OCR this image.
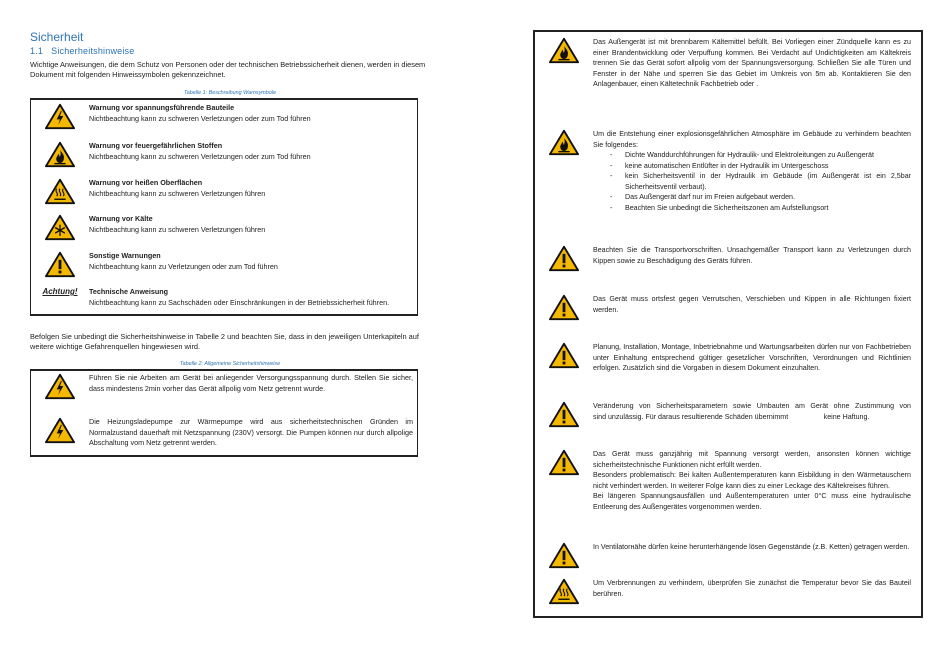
Sicherheit
1.1 Sicherheitshinweise

Wichtige Anweisungen, die dem Schutz von Personen oder der technischen Betriebssicherheit dienen, werden in diesem Dokument mit folgenden Hinweissymbolen gekennzeichnet.

Tabelle 1: Beschreibung Warnsymbole

Warnung vor spannungsführende Bauteile
Nichtbeachtung kann zu schweren Verletzungen oder zum Tod führen
Warnung vor feuergefährlichen Stoffen
Nichtbeachtung kann zu schweren Verletzungen oder zum Tod führen
Warnung vor heißen Oberflächen
Nichtbeachtung kann zu schweren Verletzungen führen
Warnung vor Kälte
Nichtbeachtung kann zu schweren Verletzungen führen
Sonstige Warnungen
Nichtbeachtung kann zu Verletzungen oder zum Tod führen
Achtung! Technische Anweisung
Nichtbeachtung kann zu Sachschäden oder Einschränkungen in der Betriebssicherheit führen.

Befolgen Sie unbedingt die Sicherheitshinweise in Tabelle 2 und beachten Sie, dass in den jeweiligen Unterkapiteln auf weitere wichtige Gefahrenquellen hingewiesen wird.

Tabelle 2: Allgemeine Sicherheitshinweise

Führen Sie nie Arbeiten am Gerät bei anliegender Versorgungsspannung durch. Stellen Sie sicher, dass mindestens 2min vorher das Gerät allpolig vom Netz getrennt wurde.
Die Heizungsladepumpe zur Wärmepumpe wird aus sicherheitstechnischen Gründen im Normalzustand dauerhaft mit Netzspannung (230V) versorgt. Die Pumpen können nur durch allpolige Abschaltung vom Netz getrennt werden.
Das Außengerät ist mit brennbarem Kältemittel befüllt. Bei Vorliegen einer Zündquelle kann es zu einer Brandentwicklung oder Verpuffung kommen. Bei Verdacht auf Undichtigkeiten am Kältekreis trennen Sie das Gerät sofort allpolig vom der Spannungsversorgung. Schließen Sie alle Türen und Fenster in der Nähe und sperren Sie das Gebiet im Umkreis von 5m ab. Kontaktieren Sie den Anlagenbauer, einen Kältetechnik Fachbetrieb oder .
Um die Entstehung einer explosionsgefährlichen Atmosphäre im Gebäude zu verhindern beachten Sie folgendes:
- Dichte Wanddurchführungen für Hydraulik- und Elektroleitungen zu Außengerät
- keine automatischen Entlüfter in der Hydraulik im Untergeschoss
- kein Sicherheitsventil in der Hydraulik im Gebäude (im Außengerät ist ein 2,5bar Sicherheitsventil verbaut).
- Das Außengerät darf nur im Freien aufgebaut werden.
- Beachten Sie unbedingt die Sicherheitszonen am Aufstellungsort
Beachten Sie die Transportvorschriften. Unsachgemäßer Transport kann zu Verletzungen durch Kippen sowie zu Beschädigung des Geräts führen.
Das Gerät muss ortsfest gegen Verrutschen, Verschieben und Kippen in alle Richtungen fixiert werden.
Planung, Installation, Montage, Inbetriebnahme und Wartungsarbeiten dürfen nur von Fachbetrieben unter Einhaltung entsprechend gültiger gesetzlicher Vorschriften, Verordnungen und Richtlinien erfolgen. Zusätzlich sind die Vorgaben in diesem Dokument einzuhalten.
Veränderung von Sicherheitsparametern sowie Umbauten am Gerät ohne Zustimmung von            sind unzulässig. Für daraus resultierende Schäden übernimmt                  keine Haftung.
Das Gerät muss ganzjährig mit Spannung versorgt werden, ansonsten können wichtige sicherheitstechnische Funktionen nicht erfüllt werden.
Besonders problematisch: Bei kalten Außentemperaturen kann Eisbildung in den Wärmetauschern nicht verhindert werden. In weiterer Folge kann dies zu einer Leckage des Kältekreises führen.
Bei längeren Spannungsausfällen und Außentemperaturen unter 0°C muss eine hydraulische Entleerung des Außengerätes vorgenommen werden.
In Ventilatorнähe dürfen keine herunterhängende lösen Gegenstände (z.B. Ketten) getragen werden.
Um Verbrennungen zu verhindern, überprüfen Sie zunächst die Temperatur bevor Sie das Bauteil berühren.
